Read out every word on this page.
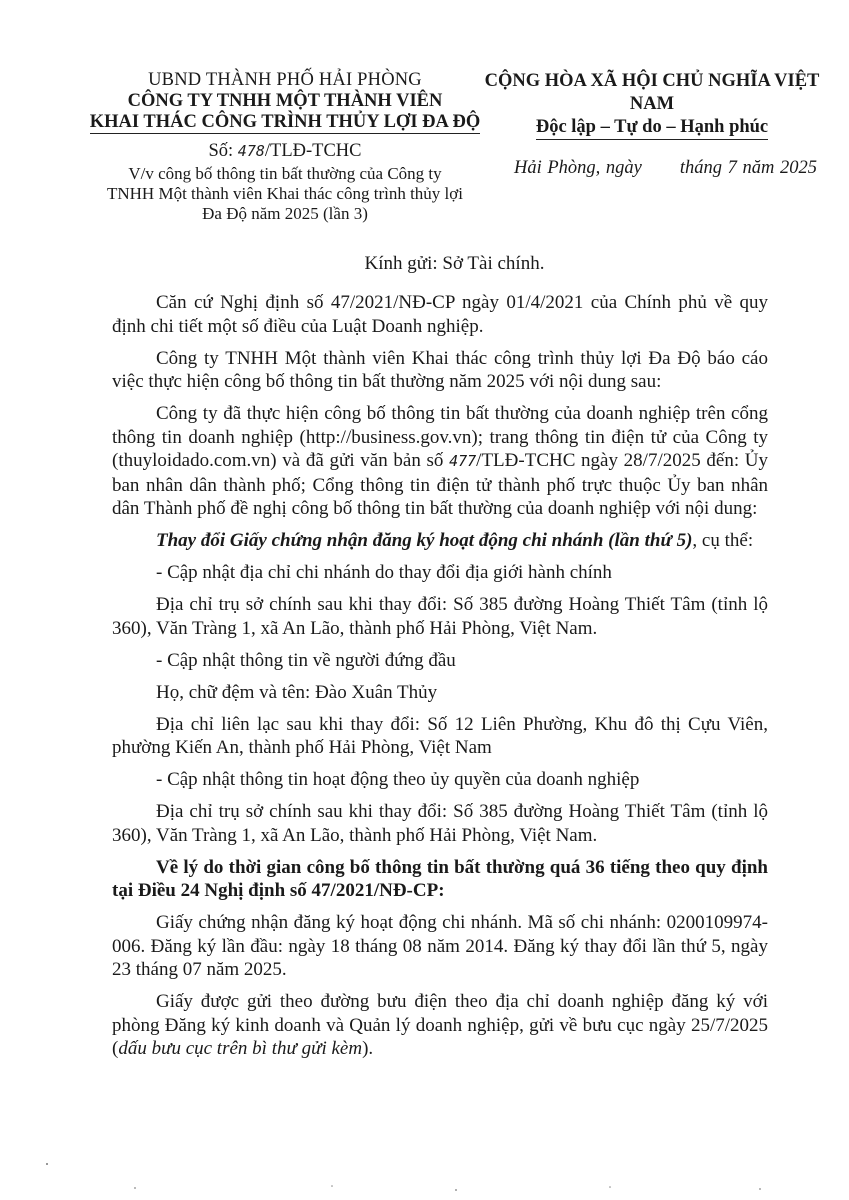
UBND THÀNH PHỐ HẢI PHÒNG
CÔNG TY TNHH MỘT THÀNH VIÊN
KHAI THÁC CÔNG TRÌNH THỦY LỢI ĐA ĐỘ
Số: 478/TLĐ-TCHC
V/v công bố thông tin bất thường của Công ty
TNHH Một thành viên Khai thác công trình thủy lợi
Đa Độ năm 2025 (lần 3)
CỘNG HÒA XÃ HỘI CHỦ NGHĨA VIỆT NAM
Độc lập – Tự do – Hạnh phúc
Hải Phòng, ngày tháng 7 năm 2025
Kính gửi: Sở Tài chính.

Căn cứ Nghị định số 47/2021/NĐ-CP ngày 01/4/2021 của Chính phủ về quy định chi tiết một số điều của Luật Doanh nghiệp.

Công ty TNHH Một thành viên Khai thác công trình thủy lợi Đa Độ báo cáo việc thực hiện công bố thông tin bất thường năm 2025 với nội dung sau:

Công ty đã thực hiện công bố thông tin bất thường của doanh nghiệp trên cổng thông tin doanh nghiệp (http://business.gov.vn); trang thông tin điện tử của Công ty (thuyloidado.com.vn) và đã gửi văn bản số 477/TLĐ-TCHC ngày 28/7/2025 đến: Ủy ban nhân dân thành phố; Cổng thông tin điện tử thành phố trực thuộc Ủy ban nhân dân Thành phố đề nghị công bố thông tin bất thường của doanh nghiệp với nội dung:

Thay đổi Giấy chứng nhận đăng ký hoạt động chi nhánh (lần thứ 5), cụ thể:

- Cập nhật địa chỉ chi nhánh do thay đổi địa giới hành chính

Địa chỉ trụ sở chính sau khi thay đổi: Số 385 đường Hoàng Thiết Tâm (tỉnh lộ 360), Văn Tràng 1, xã An Lão, thành phố Hải Phòng, Việt Nam.

- Cập nhật thông tin về người đứng đầu

Họ, chữ đệm và tên: Đào Xuân Thủy

Địa chỉ liên lạc sau khi thay đổi: Số 12 Liên Phường, Khu đô thị Cựu Viên, phường Kiến An, thành phố Hải Phòng, Việt Nam

- Cập nhật thông tin hoạt động theo ủy quyền của doanh nghiệp

Địa chỉ trụ sở chính sau khi thay đổi: Số 385 đường Hoàng Thiết Tâm (tỉnh lộ 360), Văn Tràng 1, xã An Lão, thành phố Hải Phòng, Việt Nam.

Về lý do thời gian công bố thông tin bất thường quá 36 tiếng theo quy định tại Điều 24 Nghị định số 47/2021/NĐ-CP:

Giấy chứng nhận đăng ký hoạt động chi nhánh. Mã số chi nhánh: 0200109974-006. Đăng ký lần đầu: ngày 18 tháng 08 năm 2014. Đăng ký thay đổi lần thứ 5, ngày 23 tháng 07 năm 2025.

Giấy được gửi theo đường bưu điện theo địa chỉ doanh nghiệp đăng ký với phòng Đăng ký kinh doanh và Quản lý doanh nghiệp, gửi về bưu cục ngày 25/7/2025 (dấu bưu cục trên bì thư gửi kèm).
